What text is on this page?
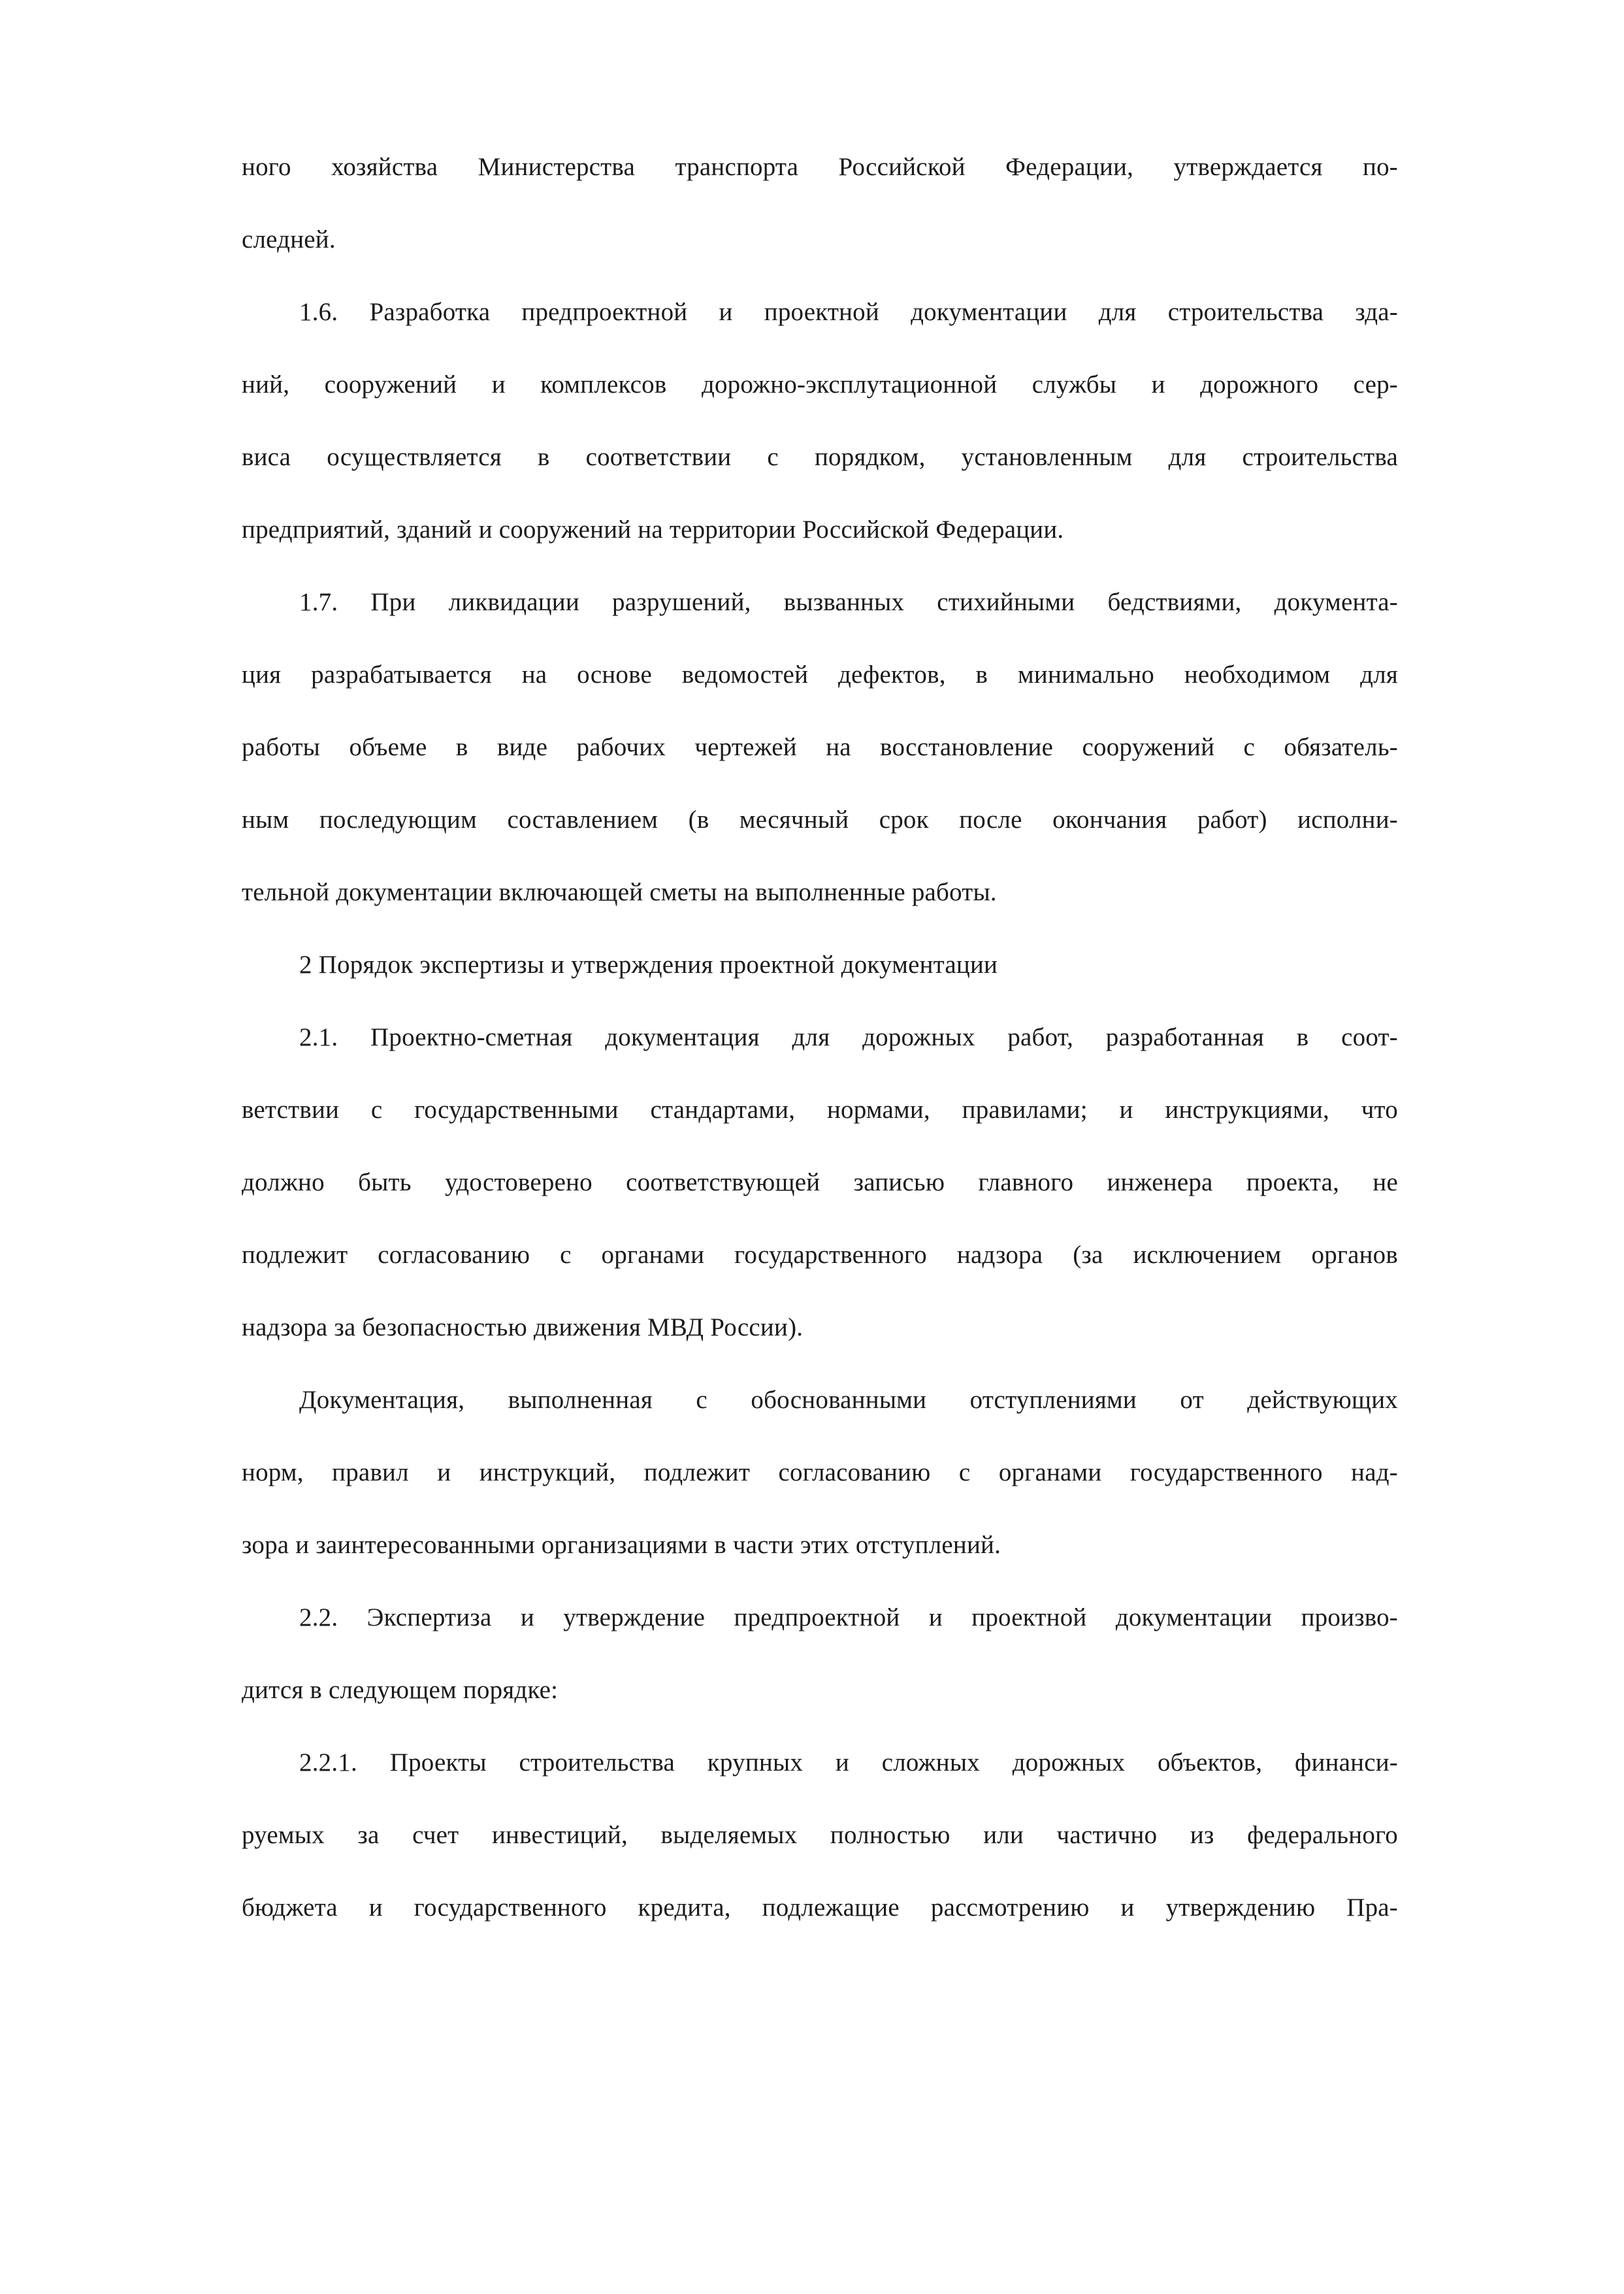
ного хозяйства Министерства транспорта Российской Федерации, утверждается по-
следней.
1.6. Разработка предпроектной и проектной документации для строительства зда-
ний, сооружений и комплексов дорожно-эксплутационной службы и дорожного сер-
виса осуществляется в соответствии с порядком, установленным для строительства
предприятий, зданий и сооружений на территории Российской Федерации.
1.7. При ликвидации разрушений, вызванных стихийными бедствиями, документа-
ция разрабатывается на основе ведомостей дефектов, в минимально необходимом для
работы объеме в виде рабочих чертежей на восстановление сооружений с обязатель-
ным последующим составлением (в месячный срок после окончания работ) исполни-
тельной документации включающей сметы на выполненные работы.
2 Порядок экспертизы и утверждения проектной документации
2.1. Проектно-сметная документация для дорожных работ, разработанная в соот-
ветствии с государственными стандартами, нормами, правилами; и инструкциями, что
должно быть удостоверено соответствующей записью главного инженера проекта, не
подлежит согласованию с органами государственного надзора (за исключением органов
надзора за безопасностью движения МВД России).
Документация, выполненная с обоснованными отступлениями от действующих
норм, правил и инструкций, подлежит согласованию с органами государственного над-
зора и заинтересованными организациями в части этих отступлений.
2.2. Экспертиза и утверждение предпроектной и проектной документации произво-
дится в следующем порядке:
2.2.1. Проекты строительства крупных и сложных дорожных объектов, финанси-
руемых за счет инвестиций, выделяемых полностью или частично из федерального
бюджета и государственного кредита, подлежащие рассмотрению и утверждению Пра-
